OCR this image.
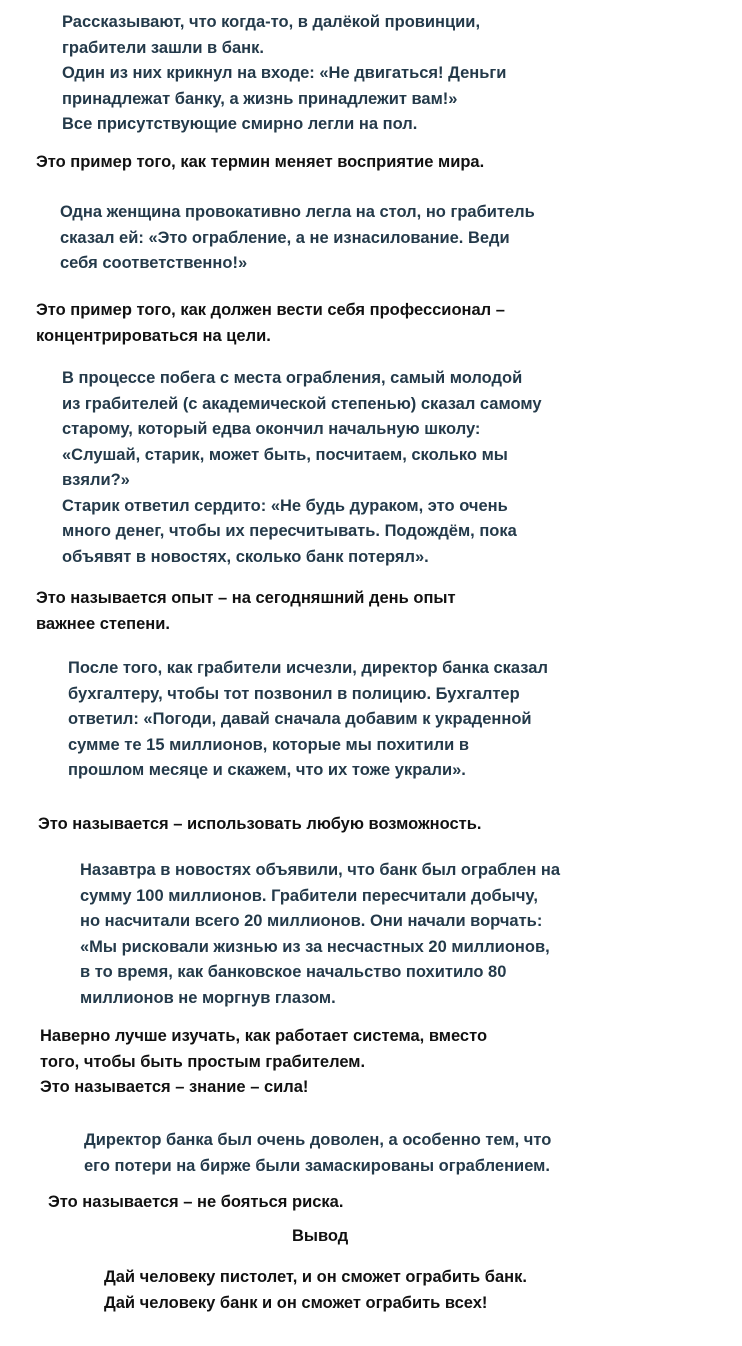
Рассказывают, что когда-то, в далёкой провинции,
грабители зашли в банк.
Один из них крикнул на входе: «Не двигаться! Деньги
принадлежат банку, а жизнь принадлежит вам!»
Все присутствующие смирно легли на пол.
Это пример того, как термин меняет восприятие мира.
Одна женщина провокативно легла на стол, но грабитель
сказал ей: «Это ограбление, а не изнасилование. Веди
себя соответственно!»
Это пример того, как должен вести себя профессионал –
концентрироваться на цели.
В процессе побега с места ограбления, самый молодой
из грабителей (с академической степенью) сказал самому
старому, который едва окончил начальную школу:
«Слушай, старик, может быть, посчитаем, сколько мы
взяли?»
Старик ответил сердито: «Не будь дураком, это очень
много денег, чтобы их пересчитывать. Подождём, пока
объявят в новостях, сколько банк потерял».
Это называется опыт – на сегодняшний день опыт
важнее степени.
После того, как грабители исчезли, директор банка сказал
бухгалтеру, чтобы тот позвонил в полицию. Бухгалтер
ответил: «Погоди, давай сначала добавим к украденной
сумме те 15 миллионов, которые мы похитили в
прошлом месяце и скажем, что их тоже украли».
Это называется – использовать любую возможность.
Назавтра в новостях объявили, что банк был ограблен на
сумму 100 миллионов. Грабители пересчитали добычу,
но насчитали всего 20 миллионов. Они начали ворчать:
«Мы рисковали жизнью из за несчастных 20 миллионов,
в то время, как банковское начальство похитило 80
миллионов не моргнув глазом.
Наверно лучше изучать, как работает система, вместо
того, чтобы быть простым грабителем.
Это называется – знание – сила!
Директор банка был очень доволен, а особенно тем, что
его потери на бирже были замаскированы ограблением.
Это называется – не бояться риска.
Вывод
Дай человеку пистолет, и он сможет ограбить банк.
Дай человеку банк и он сможет ограбить всех!
